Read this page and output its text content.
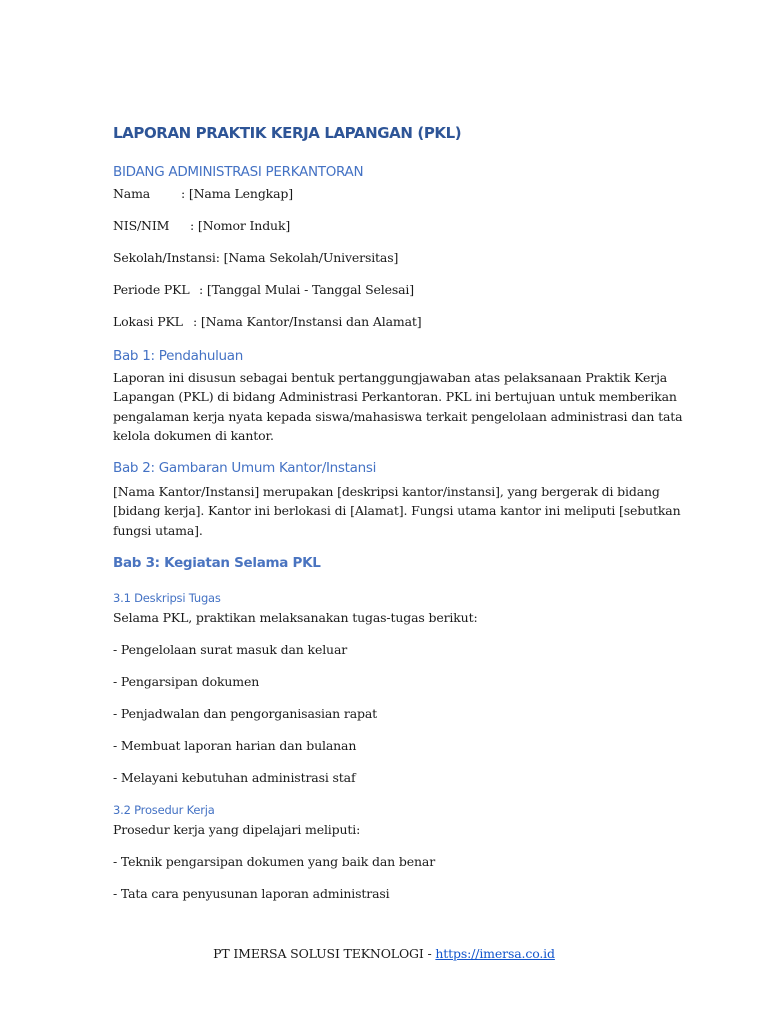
LAPORAN PRAKTIK KERJA LAPANGAN (PKL)
BIDANG ADMINISTRASI PERKANTORAN
Nama : [Nama Lengkap]
NIS/NIM : [Nomor Induk]
Sekolah/Instansi: [Nama Sekolah/Universitas]
Periode PKL : [Tanggal Mulai - Tanggal Selesai]
Lokasi PKL : [Nama Kantor/Instansi dan Alamat]
Bab 1: Pendahuluan
Laporan ini disusun sebagai bentuk pertanggungjawaban atas pelaksanaan Praktik Kerja
Lapangan (PKL) di bidang Administrasi Perkantoran. PKL ini bertujuan untuk memberikan
pengalaman kerja nyata kepada siswa/mahasiswa terkait pengelolaan administrasi dan tata
kelola dokumen di kantor.
Bab 2: Gambaran Umum Kantor/Instansi
[Nama Kantor/Instansi] merupakan [deskripsi kantor/instansi], yang bergerak di bidang
[bidang kerja]. Kantor ini berlokasi di [Alamat]. Fungsi utama kantor ini meliputi [sebutkan
fungsi utama].
Bab 3: Kegiatan Selama PKL
3.1 Deskripsi Tugas
Selama PKL, praktikan melaksanakan tugas-tugas berikut:
- Pengelolaan surat masuk dan keluar
- Pengarsipan dokumen
- Penjadwalan dan pengorganisasian rapat
- Membuat laporan harian dan bulanan
- Melayani kebutuhan administrasi staf
3.2 Prosedur Kerja
Prosedur kerja yang dipelajari meliputi:
- Teknik pengarsipan dokumen yang baik dan benar
- Tata cara penyusunan laporan administrasi
PT IMERSA SOLUSI TEKNOLOGI - https://imersa.co.id
